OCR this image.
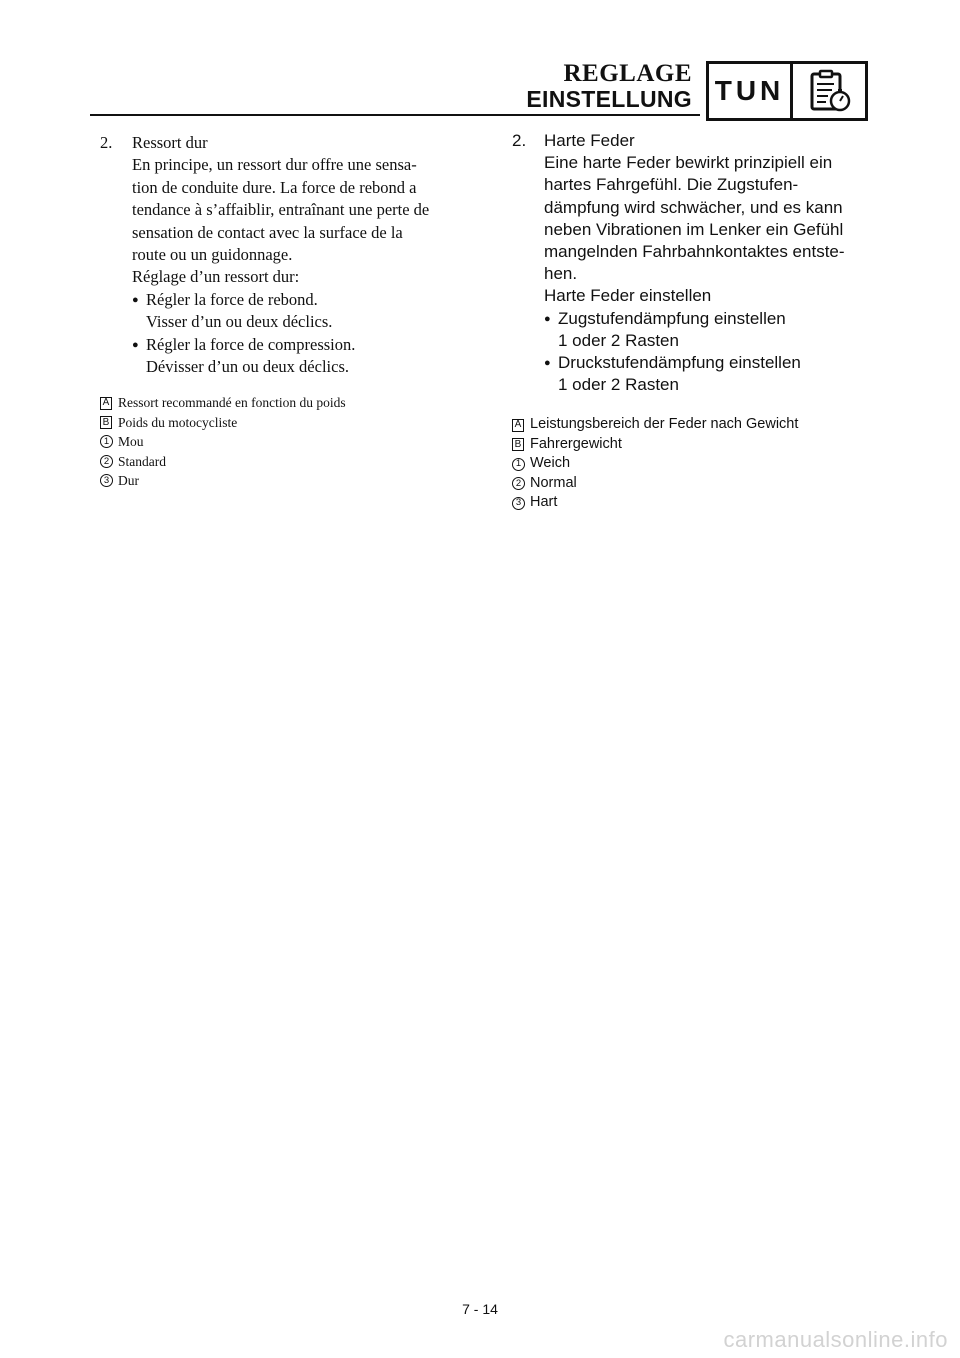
REGLAGE
EINSTELLUNG TUN
2.	Ressort dur
En principe, un ressort dur offre une sensa-
tion de conduite dure. La force de rebond a
tendance à s’affaiblir, entraînant une perte de
sensation de contact avec la surface de la
route ou un guidonnage.
Réglage d’un ressort dur:
● Régler la force de rebond.
Visser d’un ou deux déclics.
● Régler la force de compression.
Dévisser d’un ou deux déclics.
A Ressort recommandé en fonction du poids
B Poids du motocycliste
1 Mou
2 Standard
3 Dur
2.	Harte Feder
Eine harte Feder bewirkt prinzipiell ein
hartes Fahrgefühl. Die Zugstufen-
dämpfung wird schwächer, und es kann
neben Vibrationen im Lenker ein Gefühl
mangelnden Fahrbahnkontaktes entste-
hen.
Harte Feder einstellen
● Zugstufendämpfung einstellen
1 oder 2 Rasten
● Druckstufendämpfung einstellen
1 oder 2 Rasten
A Leistungsbereich der Feder nach Gewicht
B Fahrergewicht
1 Weich
2 Normal
3 Hart
7 - 14
carmanualsonline.info
